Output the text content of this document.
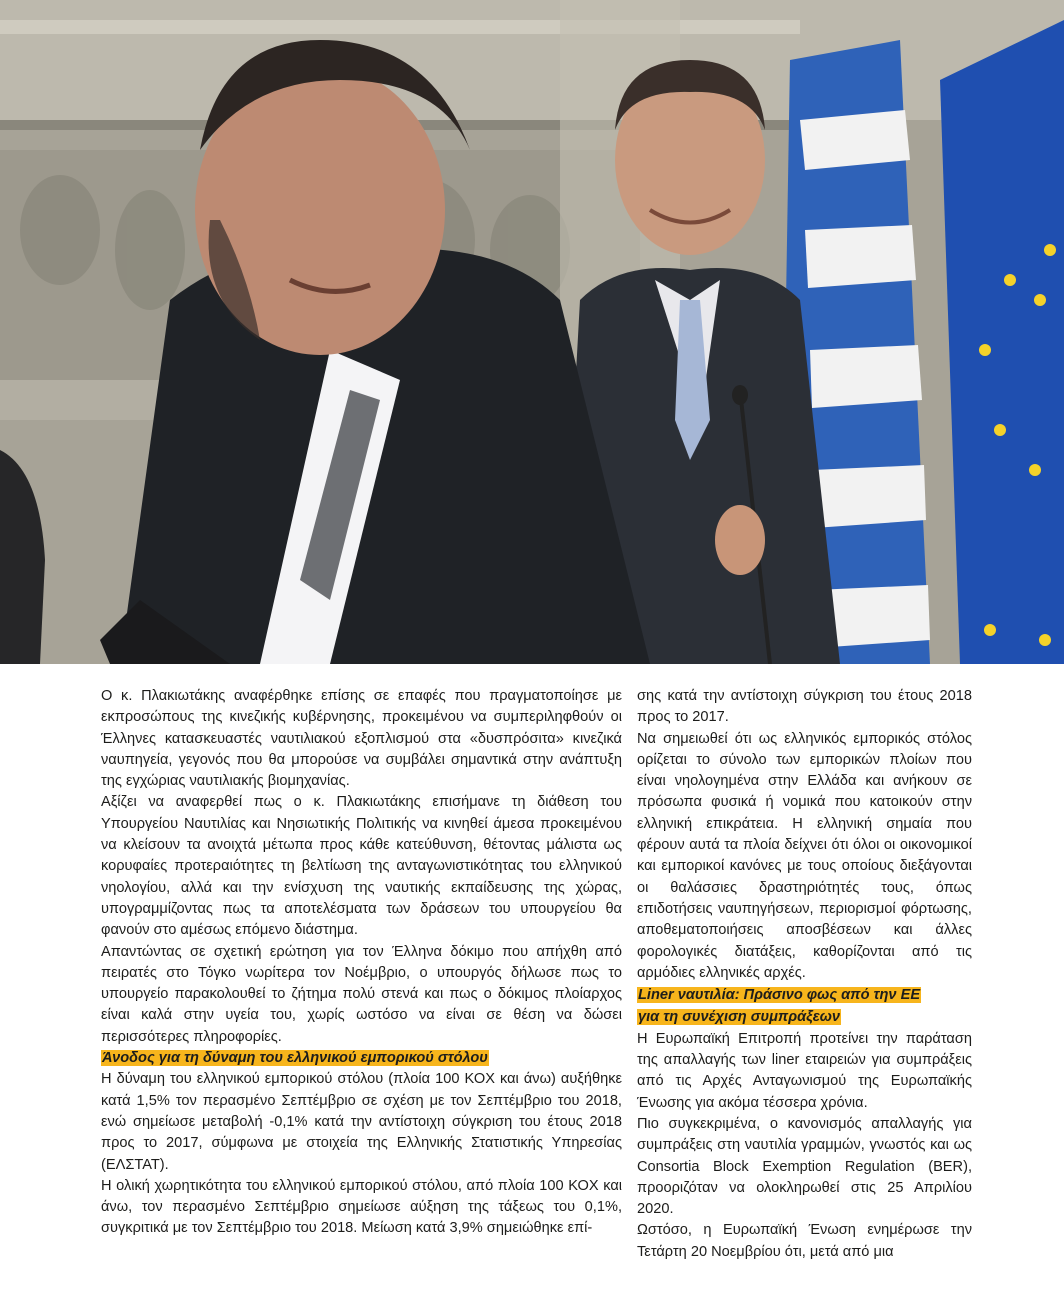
Ο κ. Πλακιωτάκης αναφέρθηκε επίσης σε επαφές που πραγματοποίησε με εκπροσώπους της κινεζικής κυβέρνησης, προκειμένου να συμπεριληφθούν οι Έλληνες κατασκευαστές ναυτιλιακού εξοπλισμού στα «δυσπρόσιτα» κινεζικά ναυπηγεία, γεγονός που θα μπορούσε να συμβάλει σημαντικά στην ανάπτυξη της εγχώριας ναυτιλιακής βιομηχανίας.

Αξίζει να αναφερθεί πως ο κ. Πλακιωτάκης επισήμανε τη διάθεση του Υπουργείου Ναυτιλίας και Νησιωτικής Πολιτικής να κινηθεί άμεσα προκειμένου να κλείσουν τα ανοιχτά μέτωπα προς κάθε κατεύθυνση, θέτοντας μάλιστα ως κορυφαίες προτεραιότητες τη βελτίωση της ανταγωνιστικότητας του ελληνικού νηολογίου, αλλά και την ενίσχυση της ναυτικής εκπαίδευσης της χώρας, υπογραμμίζοντας πως τα αποτελέσματα των δράσεων του υπουργείου θα φανούν στο αμέσως επόμενο διάστημα.

Απαντώντας σε σχετική ερώτηση για τον Έλληνα δόκιμο που απήχθη από πειρατές στο Τόγκο νωρίτερα τον Νοέμβριο, ο υπουργός δήλωσε πως το υπουργείο παρακολουθεί το ζήτημα πολύ στενά και πως ο δόκιμος πλοίαρχος είναι καλά στην υγεία του, χωρίς ωστόσο να είναι σε θέση να δώσει περισσότερες πληροφορίες.

Άνοδος για τη δύναμη του ελληνικού εμπορικού στόλου

Η δύναμη του ελληνικού εμπορικού στόλου (πλοία 100 ΚΟΧ και άνω) αυξήθηκε κατά 1,5% τον περασμένο Σεπτέμβριο σε σχέση με τον Σεπτέμβριο του 2018, ενώ σημείωσε μεταβολή -0,1% κατά την αντίστοιχη σύγκριση του έτους 2018 προς το 2017, σύμφωνα με στοιχεία της Ελληνικής Στατιστικής Υπηρεσίας (ΕΛΣΤΑΤ).

Η ολική χωρητικότητα του ελληνικού εμπορικού στόλου, από πλοία 100 ΚΟΧ και άνω, τον περασμένο Σεπτέμβριο σημείωσε αύξηση της τάξεως του 0,1%, συγκριτικά με τον Σεπτέμβριο του 2018. Μείωση κατά 3,9% σημειώθηκε επί-

σης κατά την αντίστοιχη σύγκριση του έτους 2018 προς το 2017.

Να σημειωθεί ότι ως ελληνικός εμπορικός στόλος ορίζεται το σύνολο των εμπορικών πλοίων που είναι νηολογημένα στην Ελλάδα και ανήκουν σε πρόσωπα φυσικά ή νομικά που κατοικούν στην ελληνική επικράτεια. Η ελληνική σημαία που φέρουν αυτά τα πλοία δείχνει ότι όλοι οι οικονομικοί και εμπορικοί κανόνες με τους οποίους διεξάγονται οι θαλάσσιες δραστηριότητές τους, όπως επιδοτήσεις ναυπηγήσεων, περιορισμοί φόρτωσης, αποθεματοποιήσεις αποσβέσεων και άλλες φορολογικές διατάξεις, καθορίζονται από τις αρμόδιες ελληνικές αρχές.

Liner ναυτιλία: Πράσινο φως από την ΕΕ
για τη συνέχιση συμπράξεων

Η Ευρωπαϊκή Επιτροπή προτείνει την παράταση της απαλλαγής των liner εταιρειών για συμπράξεις από τις Αρχές Ανταγωνισμού της Ευρωπαϊκής Ένωσης για ακόμα τέσσερα χρόνια.

Πιο συγκεκριμένα, ο κανονισμός απαλλαγής για συμπράξεις στη ναυτιλία γραμμών, γνωστός και ως Consortia Block Exemption Regulation (BER), προοριζόταν να ολοκληρωθεί στις 25 Απριλίου 2020.

Ωστόσο, η Ευρωπαϊκή Ένωση ενημέρωσε την Τετάρτη 20 Νοεμβρίου ότι, μετά από μια
